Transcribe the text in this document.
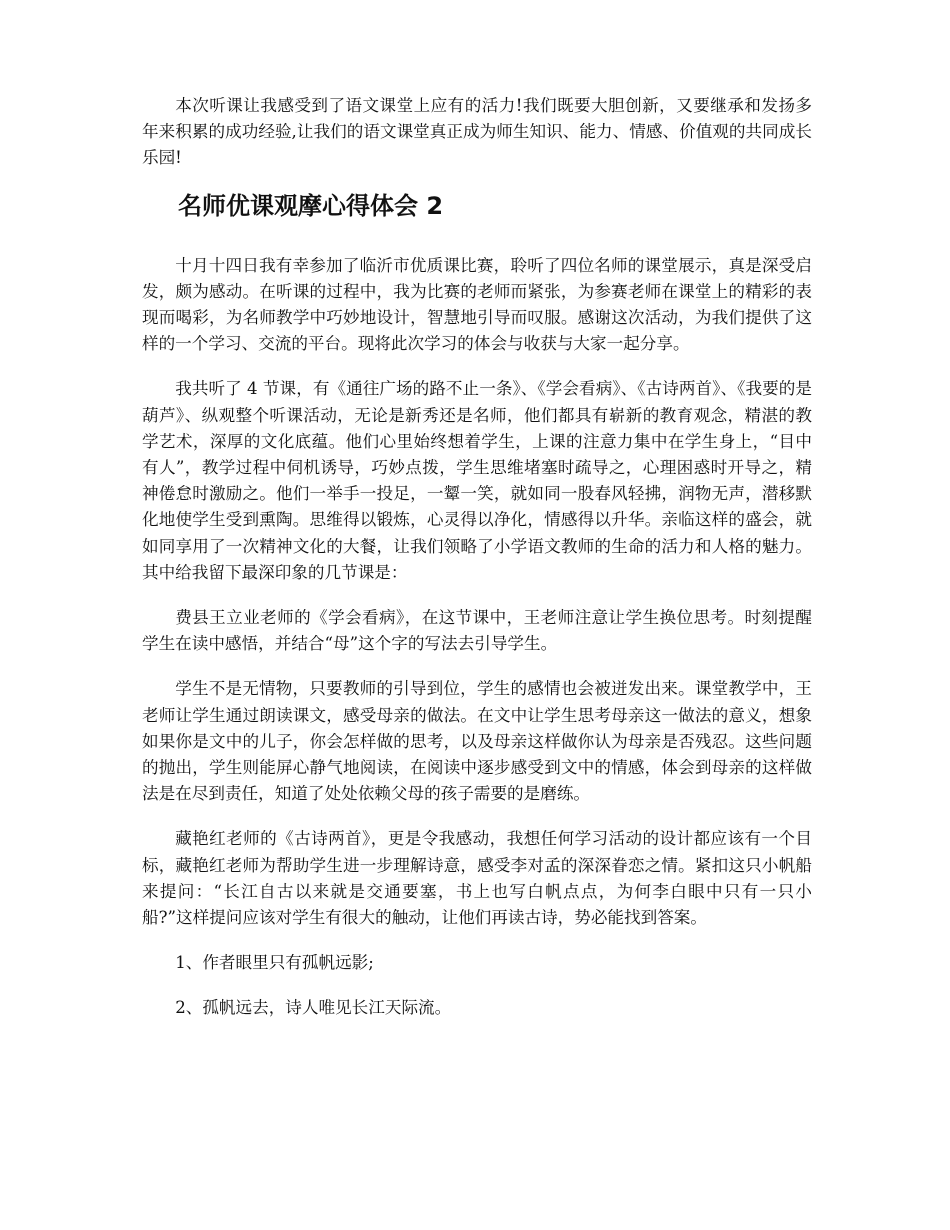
本次听课让我感受到了语文课堂上应有的活力!我们既要大胆创新，又要继承和发扬多年来积累的成功经验,让我们的语文课堂真正成为师生知识、能力、情感、价值观的共同成长乐园!

名师优课观摩心得体会 2

十月十四日我有幸参加了临沂市优质课比赛，聆听了四位名师的课堂展示，真是深受启发，颇为感动。在听课的过程中，我为比赛的老师而紧张，为参赛老师在课堂上的精彩的表现而喝彩，为名师教学中巧妙地设计，智慧地引导而叹服。感谢这次活动，为我们提供了这样的一个学习、交流的平台。现将此次学习的体会与收获与大家一起分享。

我共听了 4 节课，有《通往广场的路不止一条》、《学会看病》、《古诗两首》、《我要的是葫芦》、纵观整个听课活动，无论是新秀还是名师，他们都具有崭新的教育观念，精湛的教学艺术，深厚的文化底蕴。他们心里始终想着学生，上课的注意力集中在学生身上，“目中有人”，教学过程中伺机诱导，巧妙点拨，学生思维堵塞时疏导之，心理困惑时开导之，精神倦怠时激励之。他们一举手一投足，一颦一笑，就如同一股春风轻拂，润物无声，潜移默化地使学生受到熏陶。思维得以锻炼，心灵得以净化，情感得以升华。亲临这样的盛会，就如同享用了一次精神文化的大餐，让我们领略了小学语文教师的生命的活力和人格的魅力。其中给我留下最深印象的几节课是：

费县王立业老师的《学会看病》，在这节课中，王老师注意让学生换位思考。时刻提醒学生在读中感悟，并结合“母”这个字的写法去引导学生。

学生不是无情物，只要教师的引导到位，学生的感情也会被迸发出来。课堂教学中，王老师让学生通过朗读课文，感受母亲的做法。在文中让学生思考母亲这一做法的意义，想象如果你是文中的儿子，你会怎样做的思考，以及母亲这样做你认为母亲是否残忍。这些问题的抛出，学生则能屏心静气地阅读，在阅读中逐步感受到文中的情感，体会到母亲的这样做法是在尽到责任，知道了处处依赖父母的孩子需要的是磨练。

藏艳红老师的《古诗两首》，更是令我感动，我想任何学习活动的设计都应该有一个目标，藏艳红老师为帮助学生进一步理解诗意，感受李对孟的深深眷恋之情。紧扣这只小帆船来提问：“长江自古以来就是交通要塞，书上也写白帆点点，为何李白眼中只有一只小船?”这样提问应该对学生有很大的触动，让他们再读古诗，势必能找到答案。

1、作者眼里只有孤帆远影;

2、孤帆远去，诗人唯见长江天际流。
